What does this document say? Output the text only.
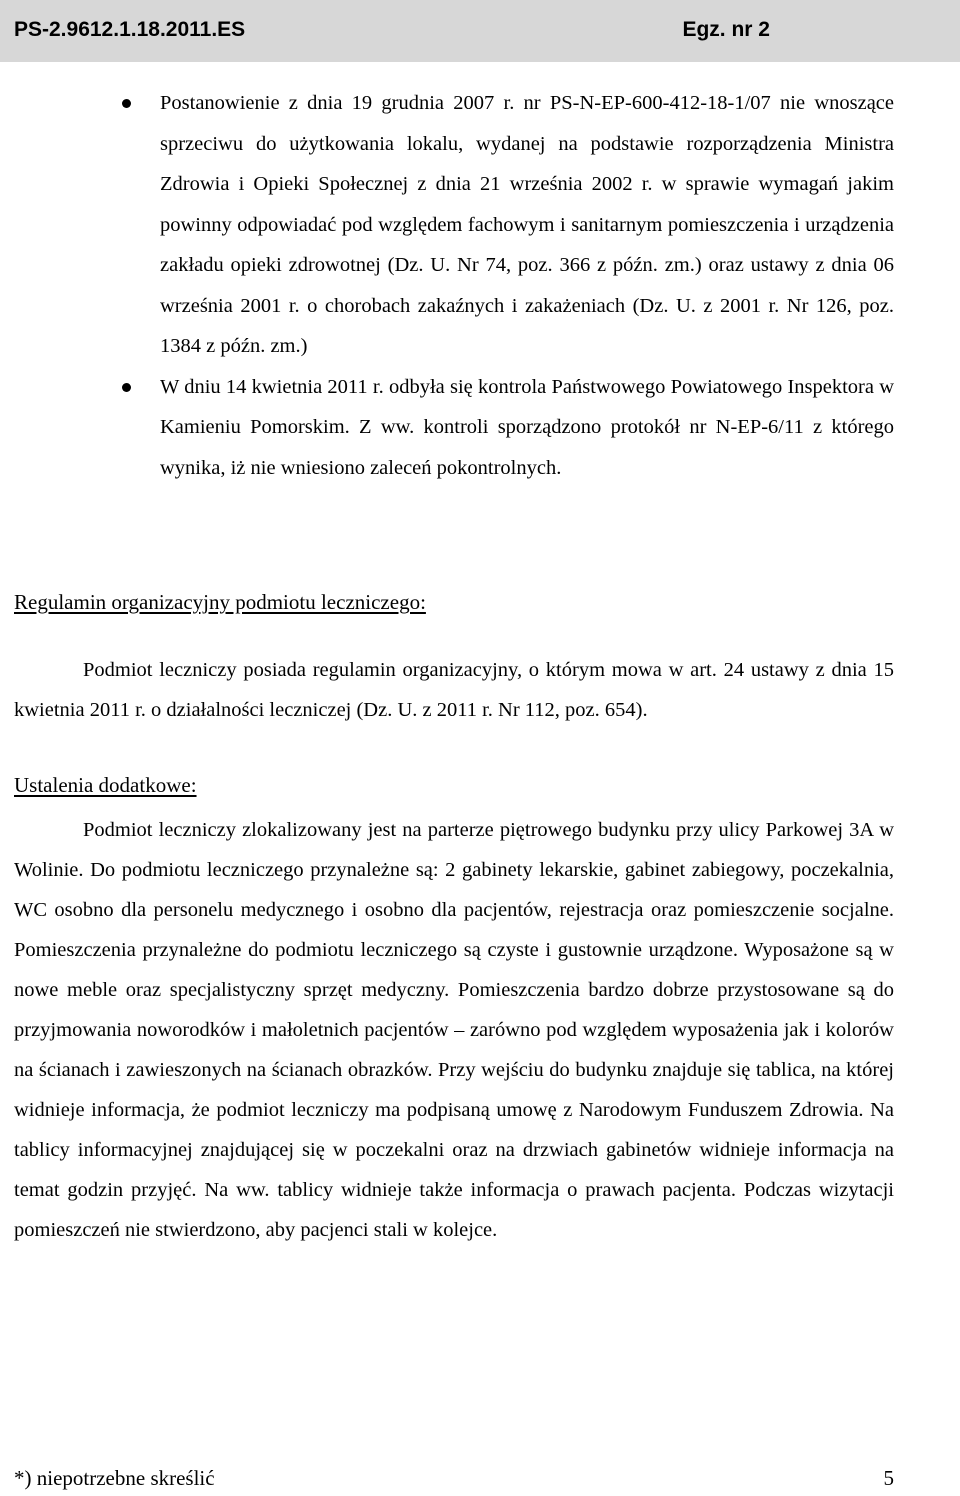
PS-2.9612.1.18.2011.ES	Egz. nr 2
Postanowienie z dnia 19 grudnia 2007 r. nr PS-N-EP-600-412-18-1/07 nie wnoszące sprzeciwu do użytkowania lokalu, wydanej na podstawie rozporządzenia Ministra Zdrowia i Opieki Społecznej z dnia 21 września 2002 r. w sprawie wymagań jakim powinny odpowiadać pod względem fachowym i sanitarnym pomieszczenia i urządzenia zakładu opieki zdrowotnej (Dz. U. Nr 74, poz. 366 z późn. zm.) oraz ustawy z dnia 06 września 2001 r. o chorobach zakaźnych i zakażeniach (Dz. U. z 2001 r. Nr 126, poz. 1384 z późn. zm.)
W dniu 14 kwietnia 2011 r. odbyła się kontrola Państwowego Powiatowego Inspektora w Kamieniu Pomorskim. Z ww. kontroli sporządzono protokół nr N-EP-6/11 z którego wynika, iż nie wniesiono zaleceń pokontrolnych.
Regulamin organizacyjny podmiotu leczniczego:
Podmiot leczniczy posiada regulamin organizacyjny, o którym mowa w art. 24 ustawy z dnia 15 kwietnia 2011 r. o działalności leczniczej (Dz. U. z 2011 r. Nr 112, poz. 654).
Ustalenia dodatkowe:
Podmiot leczniczy zlokalizowany jest na parterze piętrowego budynku przy ulicy Parkowej 3A w Wolinie. Do podmiotu leczniczego przynależne są: 2 gabinety lekarskie, gabinet zabiegowy, poczekalnia, WC osobno dla personelu medycznego i osobno dla pacjentów, rejestracja oraz pomieszczenie socjalne. Pomieszczenia przynależne do podmiotu leczniczego są czyste i gustownie urządzone. Wyposażone są w nowe meble oraz specjalistyczny sprzęt medyczny. Pomieszczenia bardzo dobrze przystosowane są do przyjmowania noworodków i małoletnich pacjentów – zarówno pod względem wyposażenia jak i kolorów na ścianach i zawieszonych na ścianach obrazków. Przy wejściu do budynku znajduje się tablica, na której widnieje informacja, że podmiot leczniczy ma podpisaną umowę z Narodowym Funduszem Zdrowia. Na tablicy informacyjnej znajdującej się w poczekalni oraz na drzwiach gabinetów widnieje informacja na temat godzin przyjęć. Na ww. tablicy widnieje także informacja o prawach pacjenta. Podczas wizytacji pomieszczeń nie stwierdzono, aby pacjenci stali w kolejce.
*) niepotrzebne skreślić	5
